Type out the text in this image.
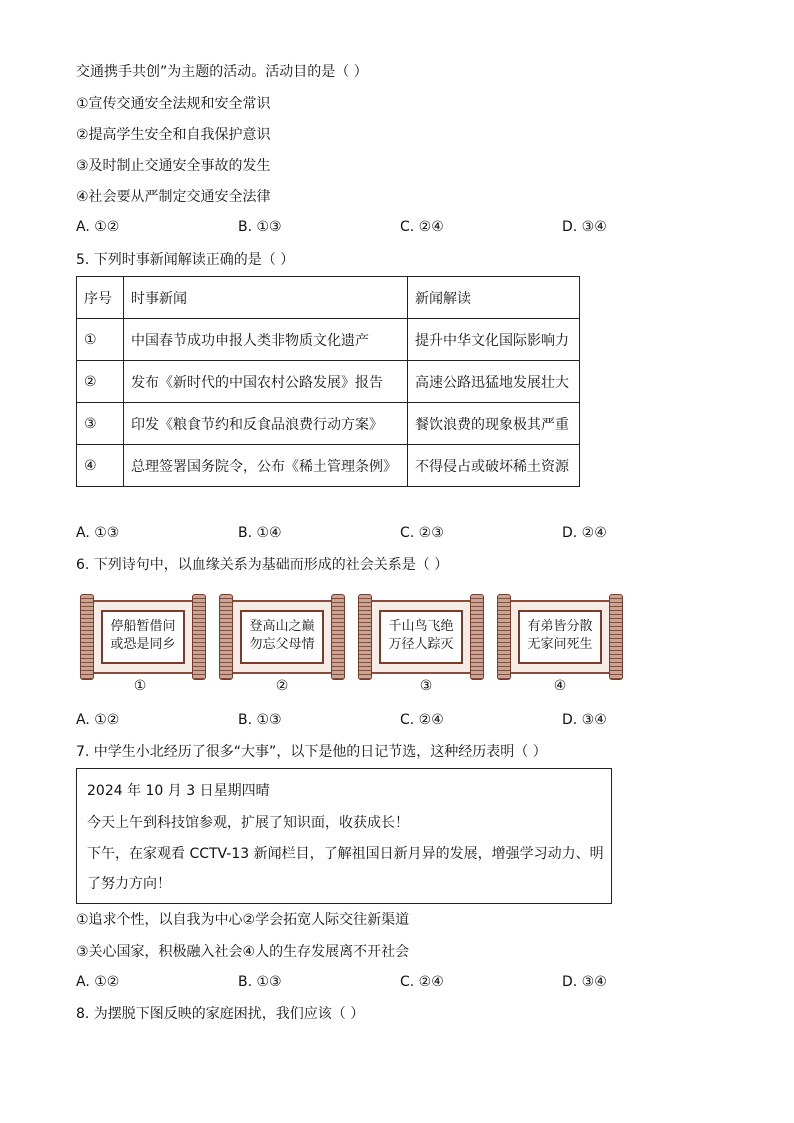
交通携手共创”为主题的活动。活动目的是（ ）
①宣传交通安全法规和安全常识
②提高学生安全和自我保护意识
③及时制止交通安全事故的发生
④社会要从严制定交通安全法律
A. ①②	B. ①③	C. ②④	D. ③④
5. 下列时事新闻解读正确的是（ ）
序号	时事新闻	新闻解读
①	中国春节成功申报人类非物质文化遗产	提升中华文化国际影响力
②	发布《新时代的中国农村公路发展》报告	高速公路迅猛地发展壮大
③	印发《粮食节约和反食品浪费行动方案》	餐饮浪费的现象极其严重
④	总理签署国务院令，公布《稀土管理条例》	不得侵占或破坏稀土资源
A. ①③	B. ①④	C. ②③	D. ②④
6. 下列诗句中，以血缘关系为基础而形成的社会关系是（ ）
停船暂借问
或恐是同乡
①
登高山之巅
勿忘父母情
②
千山鸟飞绝
万径人踪灭
③
有弟皆分散
无家问死生
④
A. ①②	B. ①③	C. ②④	D. ③④
7. 中学生小北经历了很多“大事”，以下是他的日记节选，这种经历表明（ ）
2024 年 10 月 3 日星期四晴
今天上午到科技馆参观，扩展了知识面，收获成长！
下午，在家观看 CCTV-13 新闻栏目，了解祖国日新月异的发展，增强学习动力、明
了努力方向！
①追求个性，以自我为中心②学会拓宽人际交往新渠道
③关心国家，积极融入社会④人的生存发展离不开社会
A. ①②	B. ①③	C. ②④	D. ③④
8. 为摆脱下图反映的家庭困扰，我们应该（ ）
